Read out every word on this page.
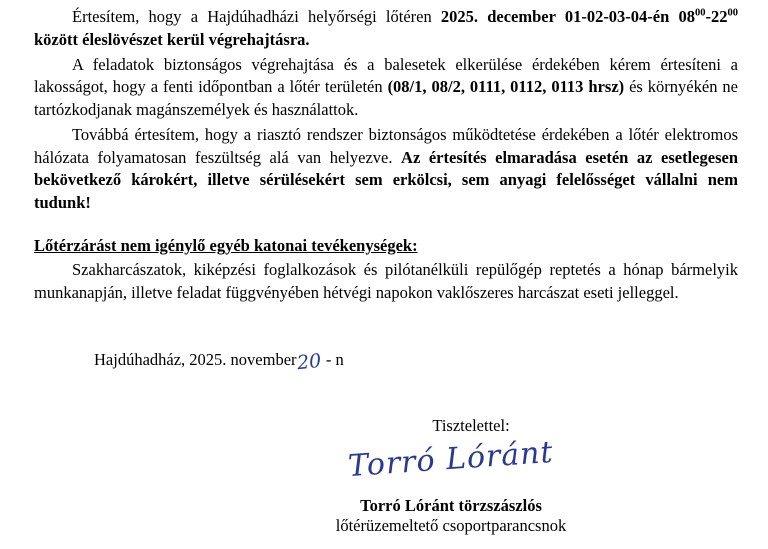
Értesítem, hogy a Hajdúhadházi helyőrségi lőtéren 2025. december 01-02-03-04-én $08^{00}-22^{00}$ között éleslövészet kerül végrehajtásra.

A feladatok biztonságos végrehajtása és a balesetek elkerülése érdekében kérem értesíteni a lakosságot, hogy a fenti időpontban a lőtér területén (08/1, 08/2, 0111, 0112, 0113 hrsz) és környékén ne tartózkodjanak magánszemélyek és használattok.

Továbbá értesítem, hogy a riasztó rendszer biztonságos működtetése érdekében a lőtér elektromos hálózata folyamatosan feszültség alá van helyezve. Az értesítés elmaradása esetén az esetlegesen bekövetkező károkért, illetve sérülésekért sem erkölcsi, sem anyagi felelősséget vállalni nem tudunk!

Lőtérzárást nem igénylő egyéb katonai tevékenységek:

Szakharcászatok, kiképzési foglalkozások és pilótanélküli repülőgép reptetés a hónap bármelyik munkanapján, illetve feladat függvényében hétvégi napokon vaklőszeres harcászat eseti jelleggel.

Hajdúhadház, 2025. november20 - n
Tisztelettel:
Torró Lóránt
Torró Lóránt törzszászlós
lőtérüzemeltető csoportparancsnok
